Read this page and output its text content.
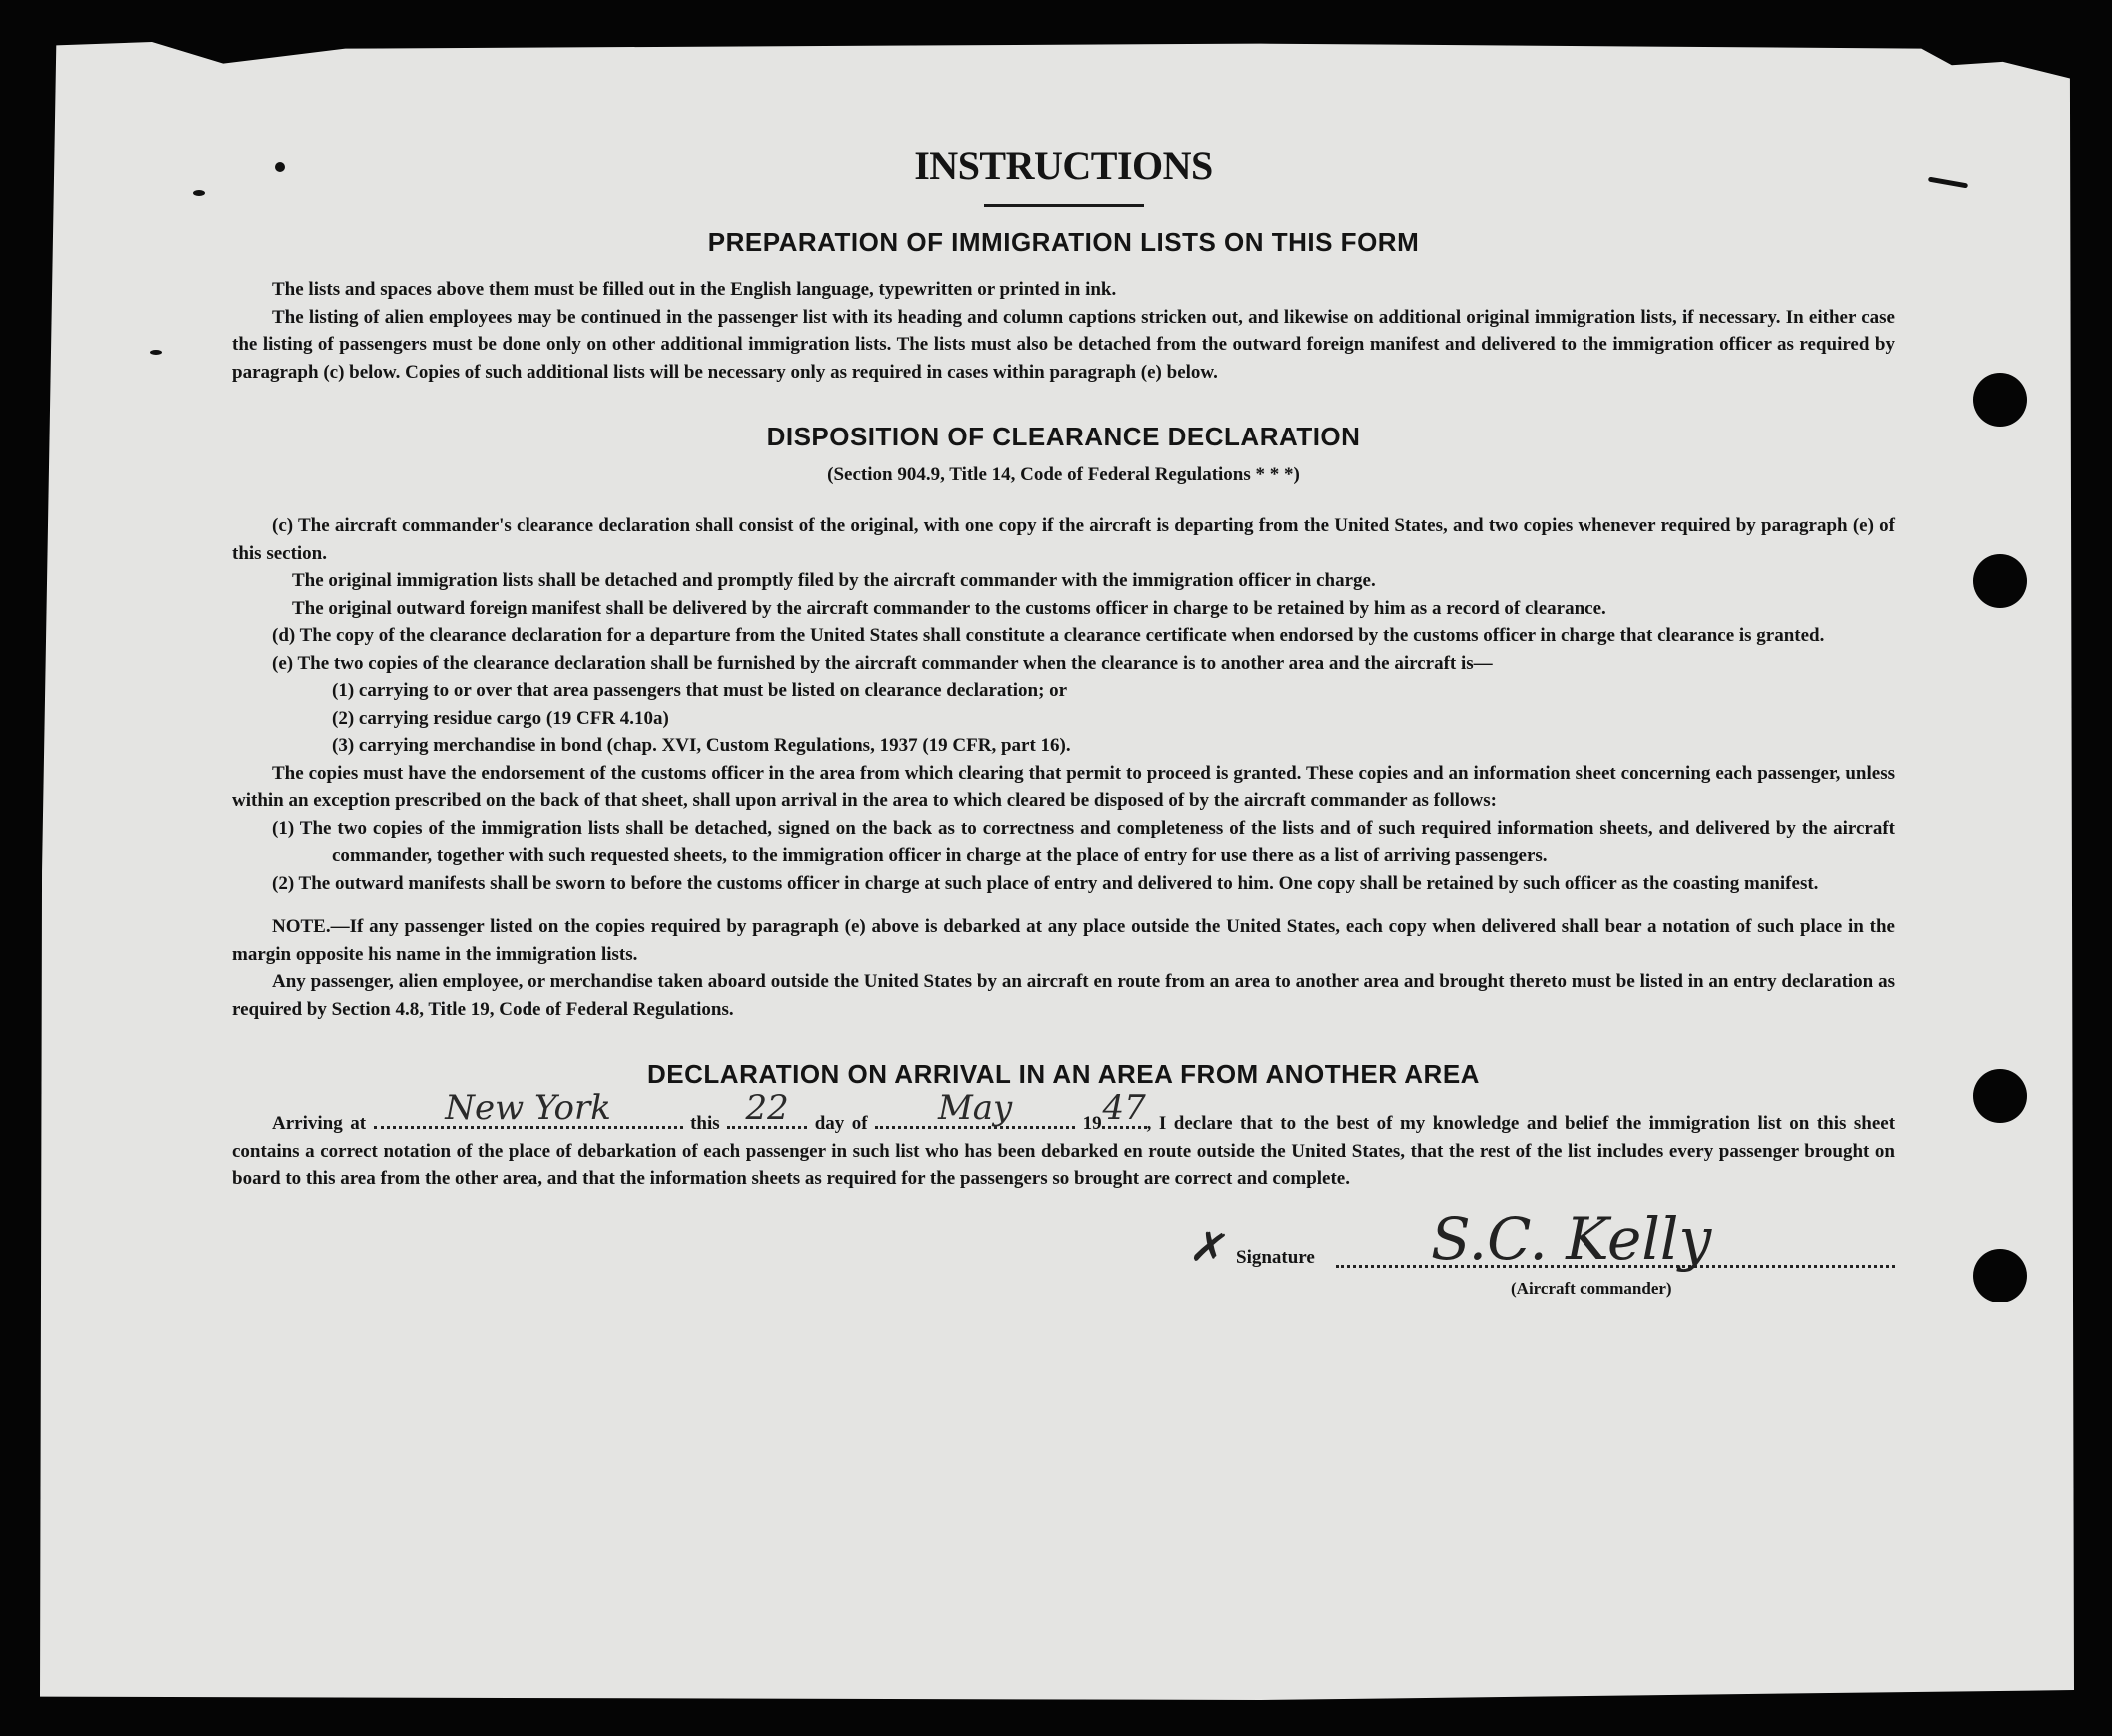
INSTRUCTIONS
PREPARATION OF IMMIGRATION LISTS ON THIS FORM

The lists and spaces above them must be filled out in the English language, typewritten or printed in ink.

The listing of alien employees may be continued in the passenger list with its heading and column captions stricken out, and likewise on additional original immigration lists, if necessary. In either case the listing of passengers must be done only on other additional immigration lists. The lists must also be detached from the outward foreign manifest and delivered to the immigration officer as required by paragraph (c) below. Copies of such additional lists will be necessary only as required in cases within paragraph (e) below.

DISPOSITION OF CLEARANCE DECLARATION
(Section 904.9, Title 14, Code of Federal Regulations * * *)

(c) The aircraft commander's clearance declaration shall consist of the original, with one copy if the aircraft is departing from the United States, and two copies whenever required by paragraph (e) of this section.

The original immigration lists shall be detached and promptly filed by the aircraft commander with the immigration officer in charge.

The original outward foreign manifest shall be delivered by the aircraft commander to the customs officer in charge to be retained by him as a record of clearance.

(d) The copy of the clearance declaration for a departure from the United States shall constitute a clearance certificate when endorsed by the customs officer in charge that clearance is granted.

(e) The two copies of the clearance declaration shall be furnished by the aircraft commander when the clearance is to another area and the aircraft is—

(1) carrying to or over that area passengers that must be listed on clearance declaration; or

(2) carrying residue cargo (19 CFR 4.10a)

(3) carrying merchandise in bond (chap. XVI, Custom Regulations, 1937 (19 CFR, part 16).

The copies must have the endorsement of the customs officer in the area from which clearing that permit to proceed is granted. These copies and an information sheet concerning each passenger, unless within an exception prescribed on the back of that sheet, shall upon arrival in the area to which cleared be disposed of by the aircraft commander as follows:

(1) The two copies of the immigration lists shall be detached, signed on the back as to correctness and completeness of the lists and of such required information sheets, and delivered by the aircraft commander, together with such requested sheets, to the immigration officer in charge at the place of entry for use there as a list of arriving passengers.

(2) The outward manifests shall be sworn to before the customs officer in charge at such place of entry and delivered to him. One copy shall be retained by such officer as the coasting manifest.

NOTE.—If any passenger listed on the copies required by paragraph (e) above is debarked at any place outside the United States, each copy when delivered shall bear a notation of such place in the margin opposite his name in the immigration lists.

Any passenger, alien employee, or merchandise taken aboard outside the United States by an aircraft en route from an area to another area and brought thereto must be listed in an entry declaration as required by Section 4.8, Title 19, Code of Federal Regulations.

DECLARATION ON ARRIVAL IN AN AREA FROM ANOTHER AREA

Arriving at	New York	this 22	day of	May	19 47 , I declare that to the best of my knowledge and belief the immigration list on this sheet contains a correct notation of the place of debarkation of each passenger in such list who has been debarked en route outside the United States, that the rest of the list includes every passenger brought on board to this area from the other area, and that the information sheets as required for the passengers so brought are correct and complete.

✗ Signature S.C. Kelly
(Aircraft commander)
